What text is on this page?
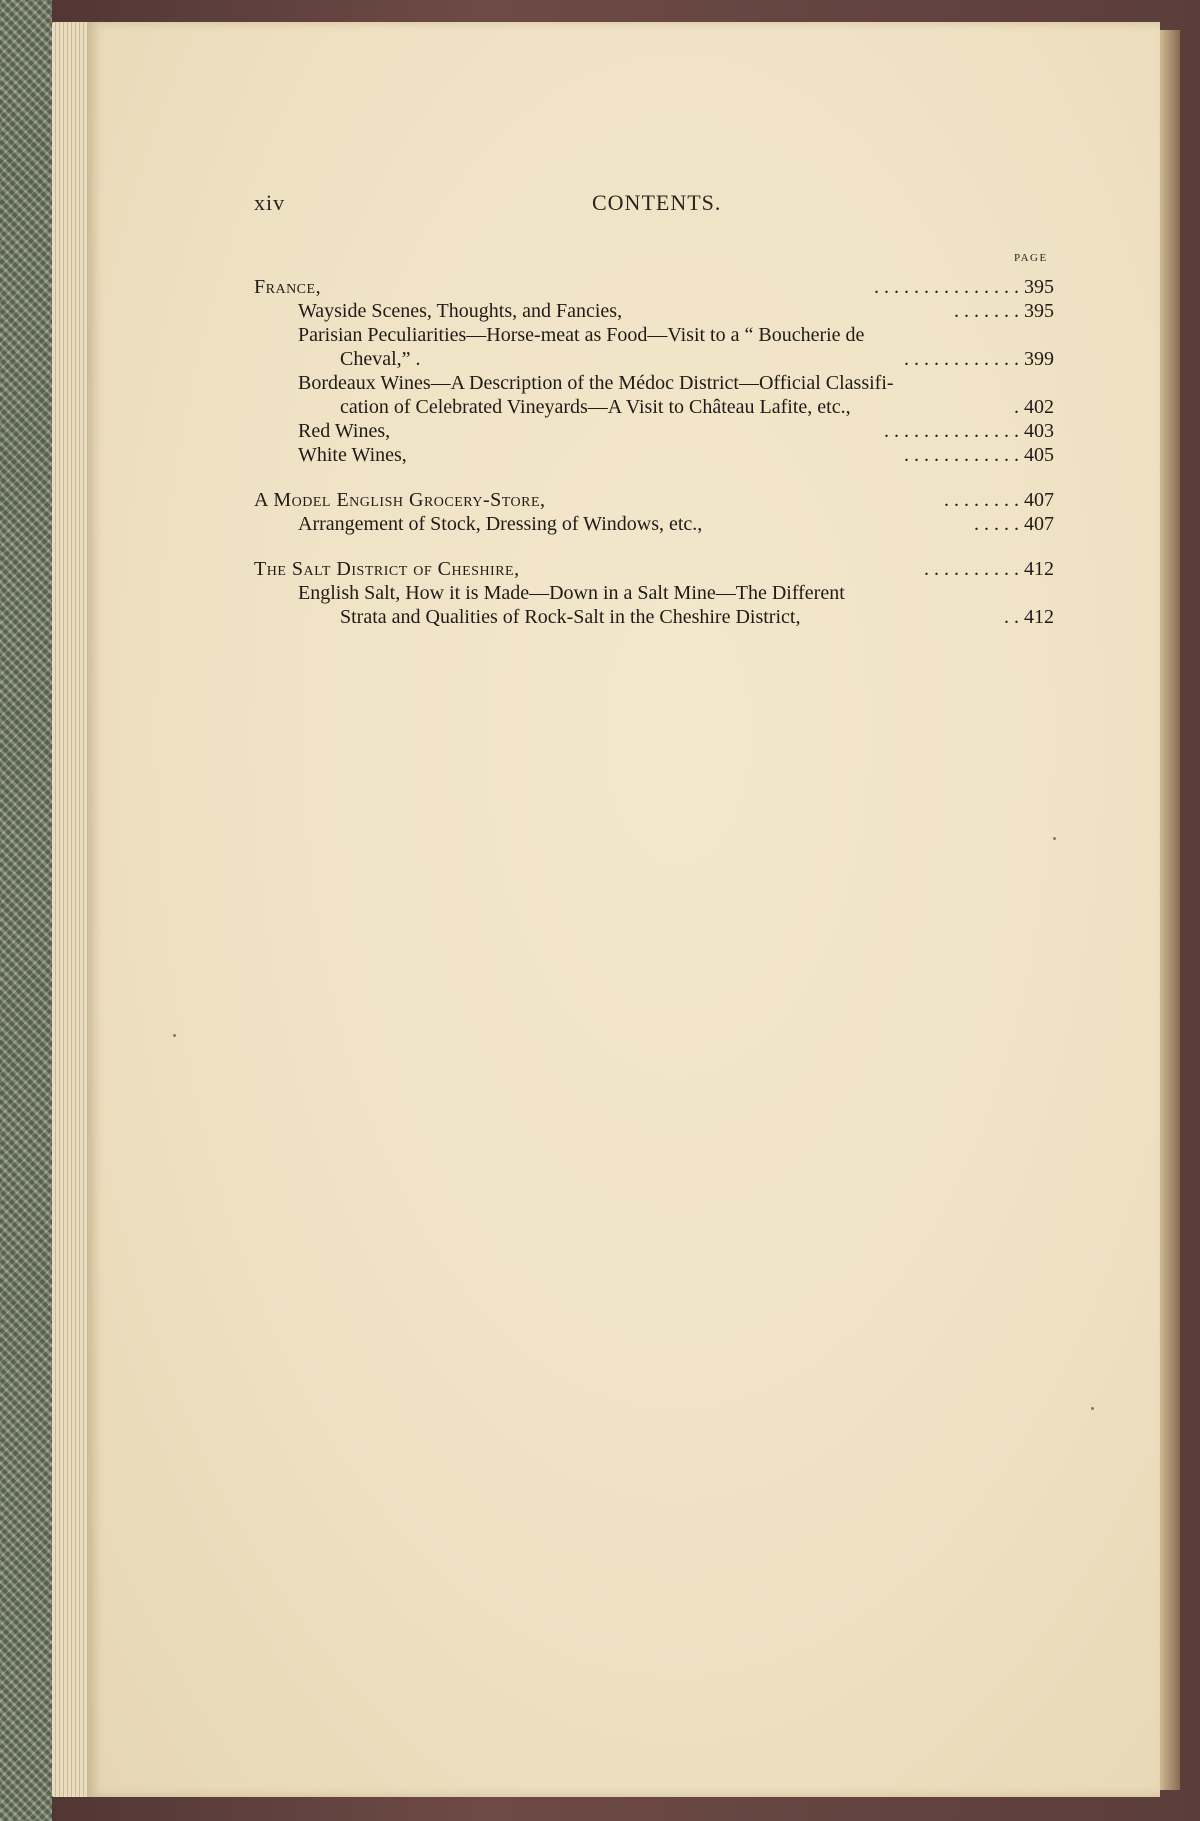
xiv	CONTENTS.
PAGE
France,	. . . . . . . . . . . . . . . 395
Wayside Scenes, Thoughts, and Fancies,	. . . . . . . 395
Parisian Peculiarities—Horse-meat as Food—Visit to a “ Boucherie de
Cheval,” .	. . . . . . . . . . . . 399
Bordeaux Wines—A Description of the Médoc District—Official Classifi-
cation of Celebrated Vineyards—A Visit to Château Lafite, etc.,	. 402
Red Wines,	. . . . . . . . . . . . . . 403
White Wines,	. . . . . . . . . . . . 405
A Model English Grocery-Store,	. . . . . . . . 407
Arrangement of Stock, Dressing of Windows, etc.,	. . . . . 407
The Salt District of Cheshire,	. . . . . . . . . . 412
English Salt, How it is Made—Down in a Salt Mine—The Different
Strata and Qualities of Rock-Salt in the Cheshire District,	. . 412
